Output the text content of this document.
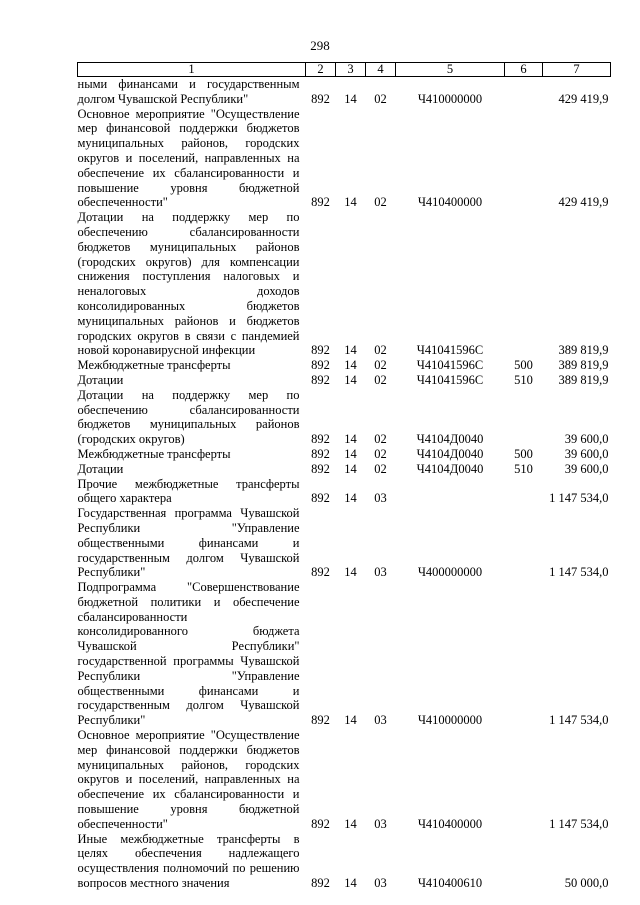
298
1	2	3	4	5	6	7
ными финансами и государственным долгом Чувашской Республики"	892	14	02	Ч410000000		429 419,9
Основное мероприятие "Осуществление мер финансовой поддержки бюджетов муниципальных районов, городских округов и поселений, направленных на обеспечение их сбалансированности и повышение уровня бюджетной обеспеченности"	892	14	02	Ч410400000		429 419,9
Дотации на поддержку мер по обеспечению сбалансированности бюджетов муниципальных районов (городских округов) для компенсации снижения поступления налоговых и неналоговых доходов консолидированных бюджетов муниципальных районов и бюджетов городских округов в связи с пандемией новой коронавирусной инфекции	892	14	02	Ч41041596С		389 819,9
Межбюджетные трансферты	892	14	02	Ч41041596С	500	389 819,9
Дотации	892	14	02	Ч41041596С	510	389 819,9
Дотации на поддержку мер по обеспечению сбалансированности бюджетов муниципальных районов (городских округов)	892	14	02	Ч4104Д0040		39 600,0
Межбюджетные трансферты	892	14	02	Ч4104Д0040	500	39 600,0
Дотации	892	14	02	Ч4104Д0040	510	39 600,0
Прочие межбюджетные трансферты общего характера	892	14	03			1 147 534,0
Государственная программа Чувашской Республики "Управление общественными финансами и государственным долгом Чувашской Республики"	892	14	03	Ч400000000		1 147 534,0
Подпрограмма "Совершенствование бюджетной политики и обеспечение сбалансированности консолидированного бюджета Чувашской Республики" государственной программы Чувашской Республики "Управление общественными финансами и государственным долгом Чувашской Республики"	892	14	03	Ч410000000		1 147 534,0
Основное мероприятие "Осуществление мер финансовой поддержки бюджетов муниципальных районов, городских округов и поселений, направленных на обеспечение их сбалансированности и повышение уровня бюджетной обеспеченности"	892	14	03	Ч410400000		1 147 534,0
Иные межбюджетные трансферты в целях обеспечения надлежащего осуществления полномочий по решению вопросов местного значения	892	14	03	Ч410400610		50 000,0
